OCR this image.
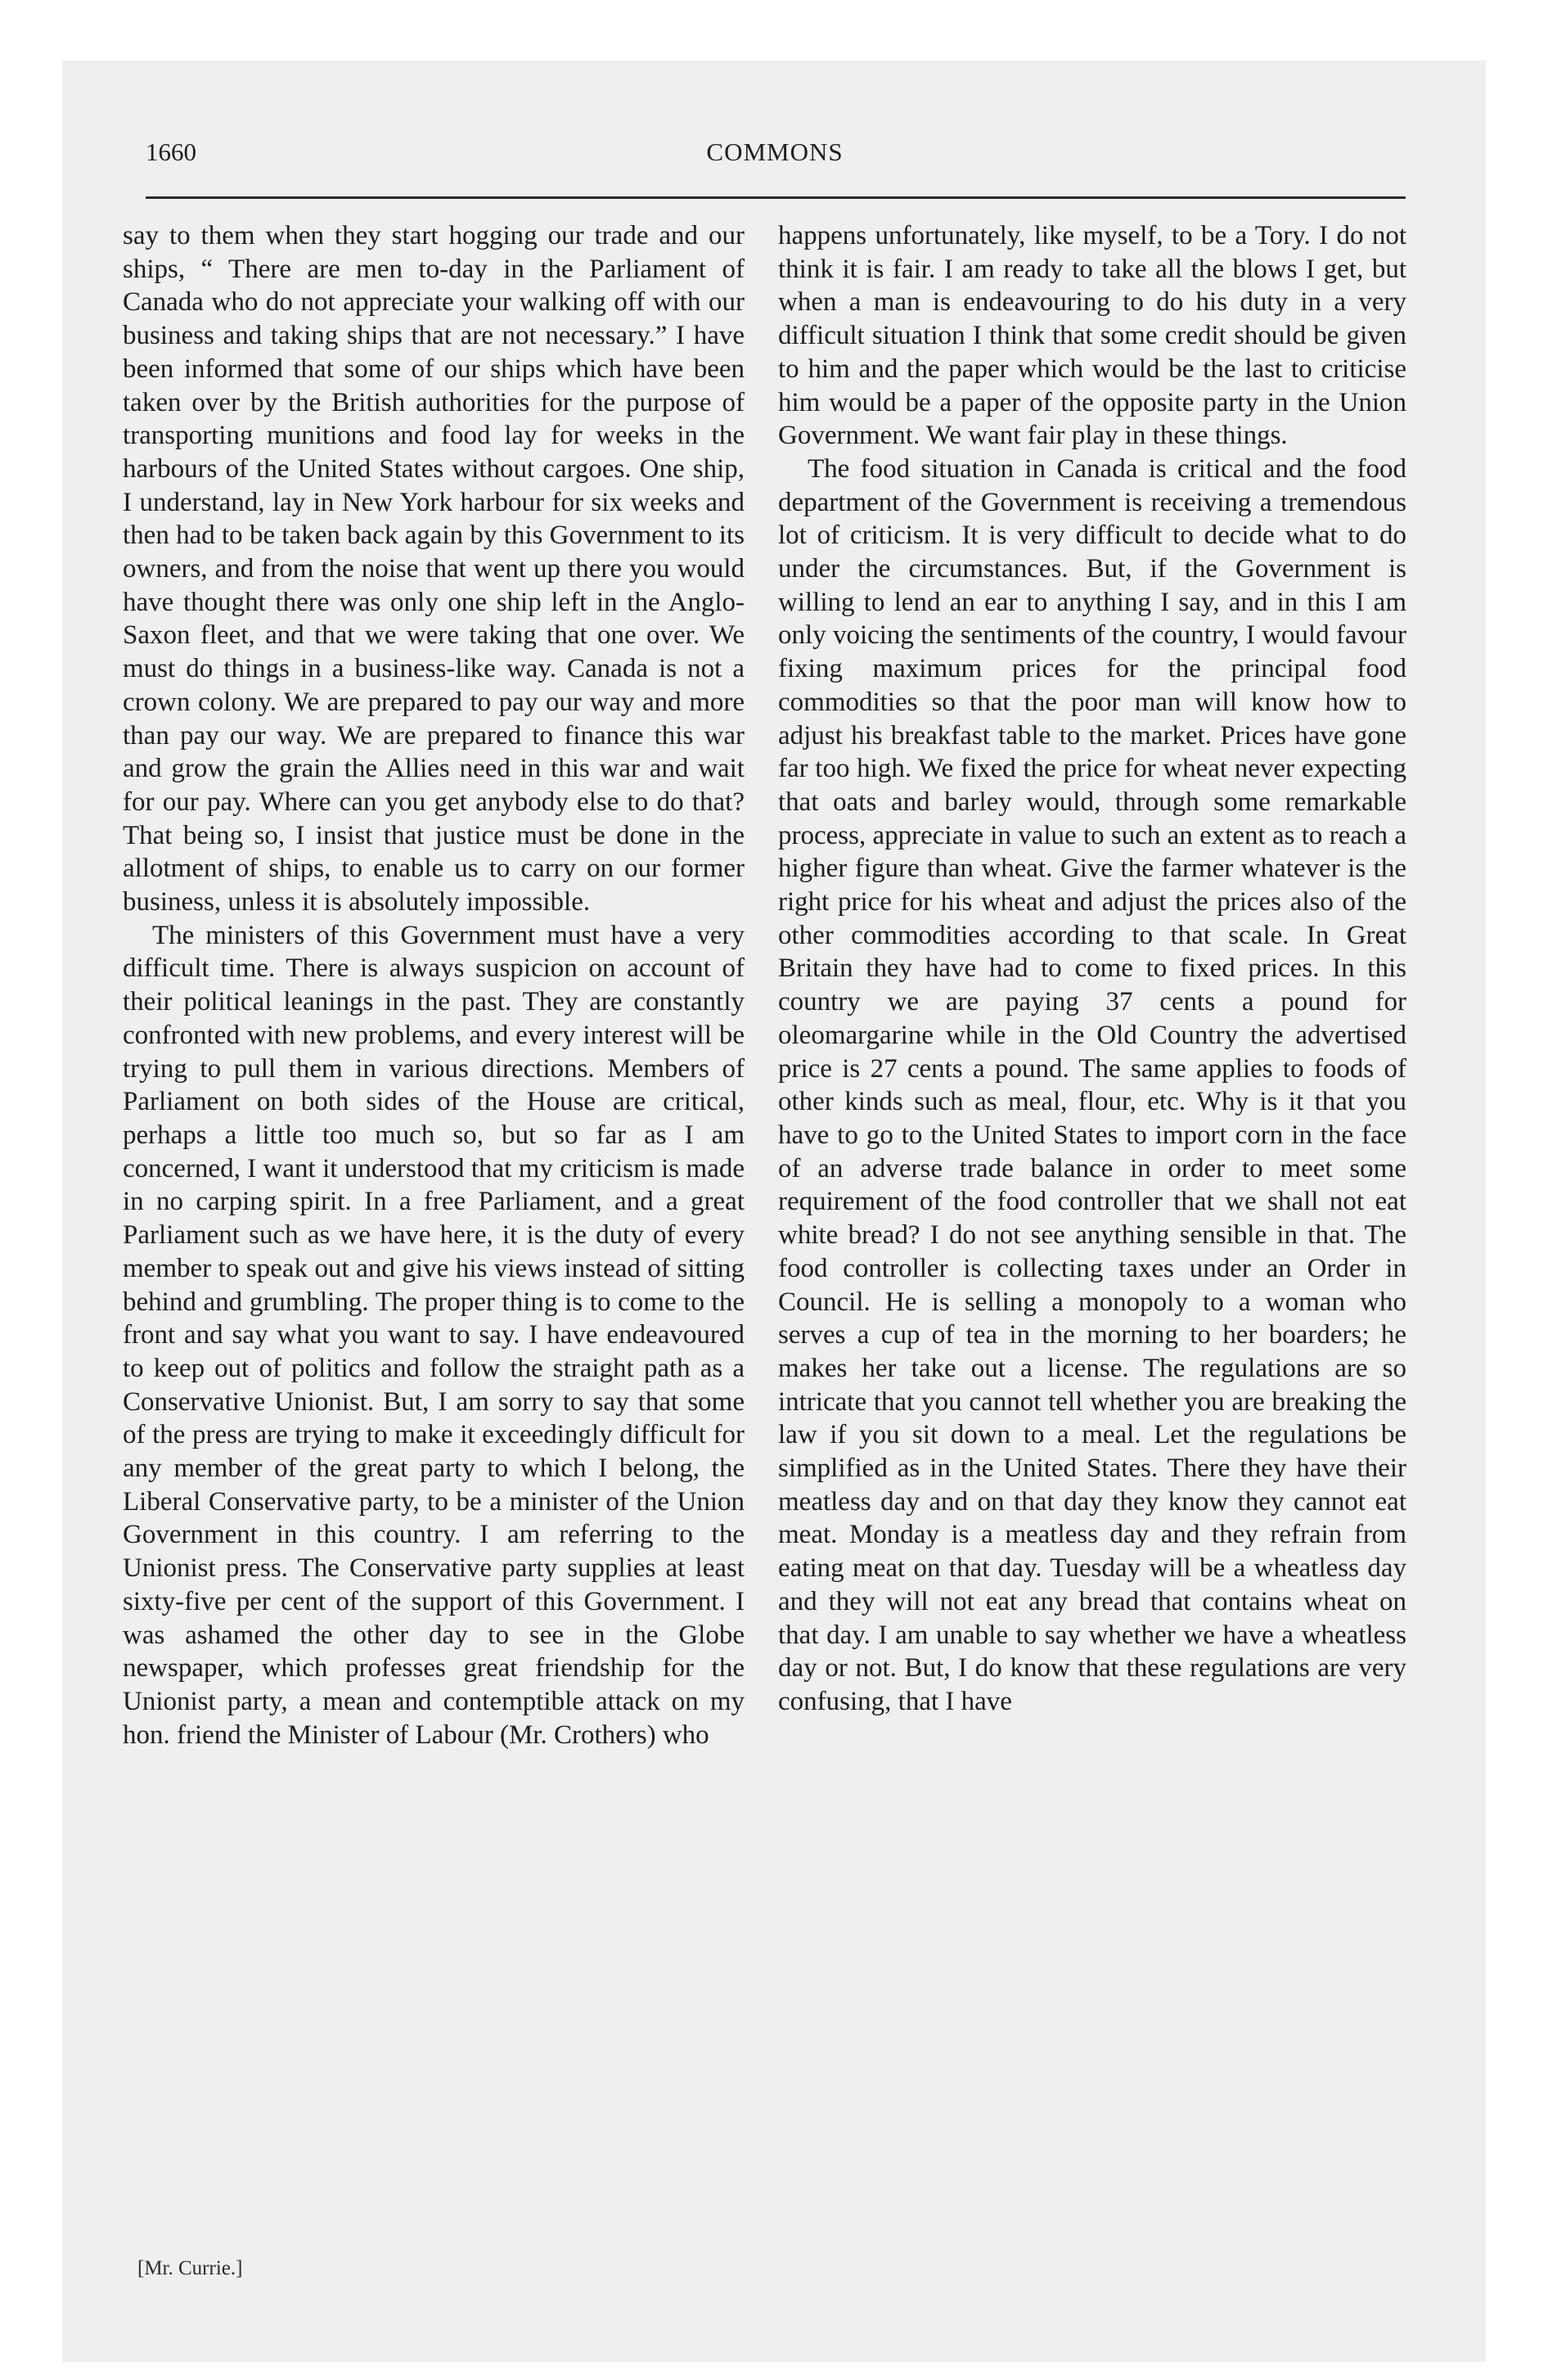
1660	COMMONS

say to them when they start hogging our trade and our ships, “ There are men to-day in the Parliament of Canada who do not appreciate your walking off with our business and taking ships that are not necessary.” I have been informed that some of our ships which have been taken over by the British authorities for the purpose of transporting munitions and food lay for weeks in the harbours of the United States without cargoes. One ship, I understand, lay in New York harbour for six weeks and then had to be taken back again by this Government to its owners, and from the noise that went up there you would have thought there was only one ship left in the Anglo-Saxon fleet, and that we were taking that one over. We must do things in a business-like way. Canada is not a crown colony. We are prepared to pay our way and more than pay our way. We are prepared to finance this war and grow the grain the Allies need in this war and wait for our pay. Where can you get anybody else to do that? That being so, I insist that justice must be done in the allotment of ships, to enable us to carry on our former business, unless it is absolutely impossible.

The ministers of this Government must have a very difficult time. There is always suspicion on account of their political leanings in the past. They are constantly confronted with new problems, and every interest will be trying to pull them in various directions. Members of Parliament on both sides of the House are critical, perhaps a little too much so, but so far as I am concerned, I want it understood that my criticism is made in no carping spirit. In a free Parliament, and a great Parliament such as we have here, it is the duty of every member to speak out and give his views instead of sitting behind and grumbling. The proper thing is to come to the front and say what you want to say. I have endeavoured to keep out of politics and follow the straight path as a Conservative Unionist. But, I am sorry to say that some of the press are trying to make it exceedingly difficult for any member of the great party to which I belong, the Liberal Conservative party, to be a minister of the Union Government in this country. I am referring to the Unionist press. The Conservative party supplies at least sixty-five per cent of the support of this Government. I was ashamed the other day to see in the Globe newspaper, which professes great friendship for the Unionist party, a mean and contemptible attack on my hon. friend the Minister of Labour (Mr. Crothers) who

happens unfortunately, like myself, to be a Tory. I do not think it is fair. I am ready to take all the blows I get, but when a man is endeavouring to do his duty in a very difficult situation I think that some credit should be given to him and the paper which would be the last to criticise him would be a paper of the opposite party in the Union Government. We want fair play in these things.

The food situation in Canada is critical and the food department of the Government is receiving a tremendous lot of criticism. It is very difficult to decide what to do under the circumstances. But, if the Government is willing to lend an ear to anything I say, and in this I am only voicing the sentiments of the country, I would favour fixing maximum prices for the principal food commodities so that the poor man will know how to adjust his breakfast table to the market. Prices have gone far too high. We fixed the price for wheat never expecting that oats and barley would, through some remarkable process, appreciate in value to such an extent as to reach a higher figure than wheat. Give the farmer whatever is the right price for his wheat and adjust the prices also of the other commodities according to that scale. In Great Britain they have had to come to fixed prices. In this country we are paying 37 cents a pound for oleomargarine while in the Old Country the advertised price is 27 cents a pound. The same applies to foods of other kinds such as meal, flour, etc. Why is it that you have to go to the United States to import corn in the face of an adverse trade balance in order to meet some requirement of the food controller that we shall not eat white bread? I do not see anything sensible in that. The food controller is collecting taxes under an Order in Council. He is selling a monopoly to a woman who serves a cup of tea in the morning to her boarders; he makes her take out a license. The regulations are so intricate that you cannot tell whether you are breaking the law if you sit down to a meal. Let the regulations be simplified as in the United States. There they have their meatless day and on that day they know they cannot eat meat. Monday is a meatless day and they refrain from eating meat on that day. Tuesday will be a wheatless day and they will not eat any bread that contains wheat on that day. I am unable to say whether we have a wheatless day or not. But, I do know that these regulations are very confusing, that I have

[Mr. Currie.]
